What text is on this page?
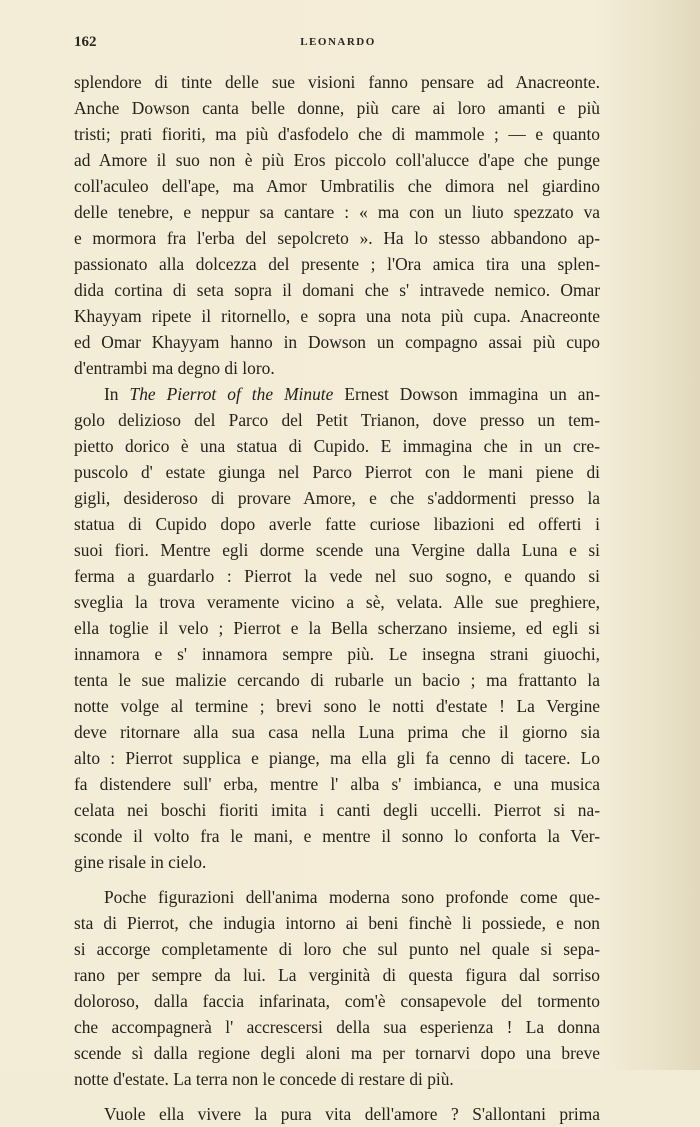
162	LEONARDO
splendore di tinte delle sue visioni fanno pensare ad Anacreonte.
Anche Dowson canta belle donne, più care ai loro amanti e più
tristi; prati fioriti, ma più d'asfodelo che di mammole ; — e quanto
ad Amore il suo non è più Eros piccolo coll'alucce d'ape che punge
coll'aculeo dell'ape, ma Amor Umbratilis che dimora nel giardino
delle tenebre, e neppur sa cantare : « ma con un liuto spezzato va
e mormora fra l'erba del sepolcreto ». Ha lo stesso abbandono ap-
passionato alla dolcezza del presente ; l'Ora amica tira una splen-
dida cortina di seta sopra il domani che s' intravede nemico. Omar
Khayyam ripete il ritornello, e sopra una nota più cupa. Anacreonte
ed Omar Khayyam hanno in Dowson un compagno assai più cupo
d'entrambi ma degno di loro.
In The Pierrot of the Minute Ernest Dowson immagina un an-
golo delizioso del Parco del Petit Trianon, dove presso un tem-
pietto dorico è una statua di Cupido. E immagina che in un cre-
puscolo d' estate giunga nel Parco Pierrot con le mani piene di
gigli, desideroso di provare Amore, e che s'addormenti presso la
statua di Cupido dopo averle fatte curiose libazioni ed offerti i
suoi fiori. Mentre egli dorme scende una Vergine dalla Luna e si
ferma a guardarlo : Pierrot la vede nel suo sogno, e quando si
sveglia la trova veramente vicino a sè, velata. Alle sue preghiere,
ella toglie il velo ; Pierrot e la Bella scherzano insieme, ed egli si
innamora e s' innamora sempre più. Le insegna strani giuochi,
tenta le sue malizie cercando di rubarle un bacio ; ma frattanto la
notte volge al termine ; brevi sono le notti d'estate ! La Vergine
deve ritornare alla sua casa nella Luna prima che il giorno sia
alto : Pierrot supplica e piange, ma ella gli fa cenno di tacere. Lo
fa distendere sull' erba, mentre l' alba s' imbianca, e una musica
celata nei boschi fioriti imita i canti degli uccelli. Pierrot si na-
sconde il volto fra le mani, e mentre il sonno lo conforta la Ver-
gine risale in cielo.
Poche figurazioni dell'anima moderna sono profonde come que-
sta di Pierrot, che indugia intorno ai beni finchè li possiede, e non
si accorge completamente di loro che sul punto nel quale si sepa-
rano per sempre da lui. La verginità di questa figura dal sorriso
doloroso, dalla faccia infarinata, com'è consapevole del tormento
che accompagnerà l' accrescersi della sua esperienza ! La donna
scende sì dalla regione degli aloni ma per tornarvi dopo una breve
notte d'estate. La terra non le concede di restare di più.
Vuole ella vivere la pura vita dell'amore ? S'allontani prima
